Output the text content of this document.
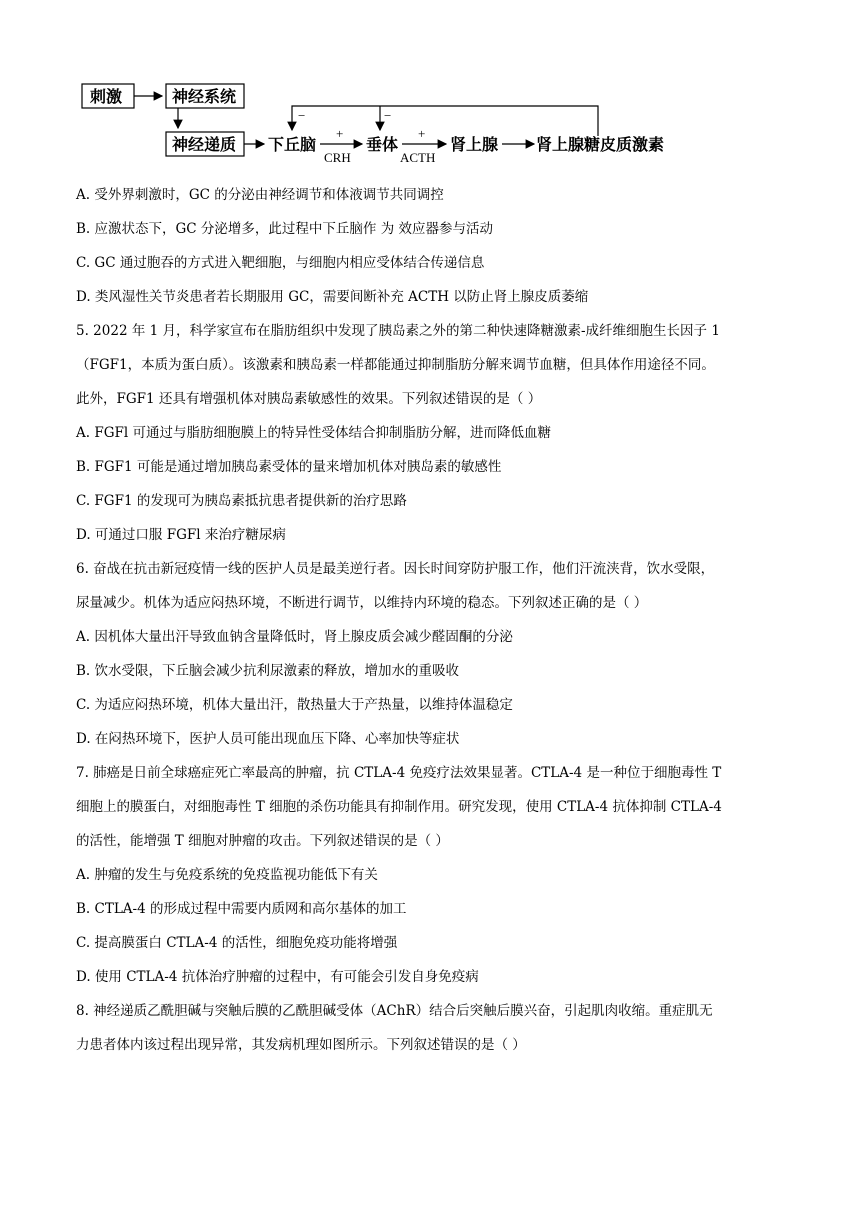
刺激	神经系统
神经递质 下丘脑
+
CRH
垂体
+
ACTH
肾上腺 肾上腺糖皮质激素
−	−
A. 受外界刺激时，GC 的分泌由神经调节和体液调节共同调控
B. 应激状态下，GC 分泌增多，此过程中下丘脑作 为 效应器参与活动
C. GC 通过胞吞的方式进入靶细胞，与细胞内相应受体结合传递信息
D. 类风湿性关节炎患者若长期服用 GC，需要间断补充 ACTH 以防止肾上腺皮质萎缩
5. 2022 年 1 月，科学家宣布在脂肪组织中发现了胰岛素之外的第二种快速降糖激素-成纤维细胞生长因子 1
（FGF1，本质为蛋白质）。该激素和胰岛素一样都能通过抑制脂肪分解来调节血糖，但具体作用途径不同。
此外，FGF1 还具有增强机体对胰岛素敏感性的效果。下列叙述错误的是（ ）
A. FGFl 可通过与脂肪细胞膜上的特异性受体结合抑制脂肪分解，进而降低血糖
B. FGF1 可能是通过增加胰岛素受体的量来增加机体对胰岛素的敏感性
C. FGF1 的发现可为胰岛素抵抗患者提供新的治疗思路
D. 可通过口服 FGFl 来治疗糖尿病
6. 奋战在抗击新冠疫情一线的医护人员是最美逆行者。因长时间穿防护服工作，他们汗流浃背，饮水受限，
尿量减少。机体为适应闷热环境，不断进行调节，以维持内环境的稳态。下列叙述正确的是（ ）
A. 因机体大量出汗导致血钠含量降低时，肾上腺皮质会减少醛固酮的分泌
B. 饮水受限，下丘脑会减少抗利尿激素的释放，增加水的重吸收
C. 为适应闷热环境，机体大量出汗，散热量大于产热量，以维持体温稳定
D. 在闷热环境下，医护人员可能出现血压下降、心率加快等症状
7. 肺癌是日前全球癌症死亡率最高的肿瘤，抗 CTLA-4 免疫疗法效果显著。CTLA-4 是一种位于细胞毒性 T
细胞上的膜蛋白，对细胞毒性 T 细胞的杀伤功能具有抑制作用。研究发现，使用 CTLA-4 抗体抑制 CTLA-4
的活性，能增强 T 细胞对肿瘤的攻击。下列叙述错误的是（ ）
A. 肿瘤的发生与免疫系统的免疫监视功能低下有关
B. CTLA-4 的形成过程中需要内质网和高尔基体的加工
C. 提高膜蛋白 CTLA-4 的活性，细胞免疫功能将增强
D. 使用 CTLA-4 抗体治疗肿瘤的过程中，有可能会引发自身免疫病
8. 神经递质乙酰胆碱与突触后膜的乙酰胆碱受体（AChR）结合后突触后膜兴奋，引起肌肉收缩。重症肌无
力患者体内该过程出现异常，其发病机理如图所示。下列叙述错误的是（ ）
